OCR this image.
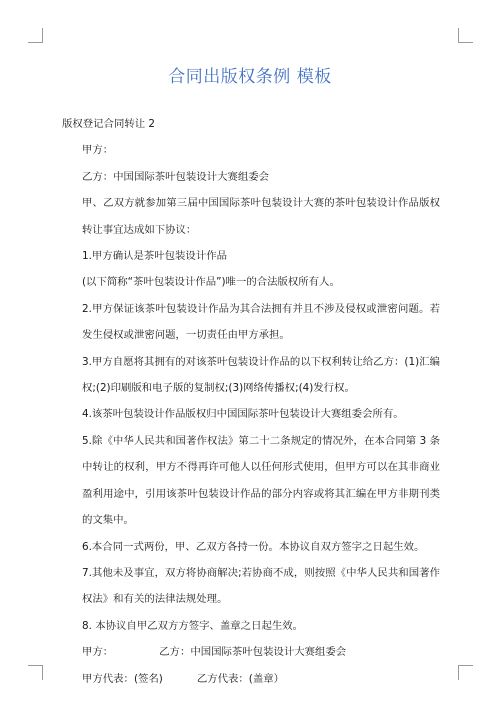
合同出版权条例 模板

版权登记合同转让 2

甲方：

乙方：中国国际茶叶包装设计大赛组委会

甲、乙双方就参加第三届中国国际茶叶包装设计大赛的茶叶包装设计作品版权转让事宜达成如下协议：

1.甲方确认是茶叶包装设计作品

(以下简称“茶叶包装设计作品”)唯一的合法版权所有人。

2.甲方保证该茶叶包装设计作品为其合法拥有并且不涉及侵权或泄密问题。若发生侵权或泄密问题，一切责任由甲方承担。

3.甲方自愿将其拥有的对该茶叶包装设计作品的以下权利转让给乙方：(1)汇编权;(2)印刷版和电子版的复制权;(3)网络传播权;(4)发行权。

4.该茶叶包装设计作品版权归中国国际茶叶包装设计大赛组委会所有。

5.除《中华人民共和国著作权法》第二十二条规定的情况外，在本合同第 3 条中转让的权利，甲方不得再许可他人以任何形式使用，但甲方可以在其非商业盈利用途中，引用该茶叶包装设计作品的部分内容或将其汇编在甲方非期刊类的文集中。

6.本合同一式两份，甲、乙双方各持一份。本协议自双方签字之日起生效。

7.其他未及事宜，双方将协商解决;若协商不成，则按照《中华人民共和国著作权法》和有关的法律法规处理。

8. 本协议自甲乙双方方签字、盖章之日起生效。

甲方：	乙方：中国国际茶叶包装设计大赛组委会

甲方代表：(签名)	乙方代表：(盖章）
